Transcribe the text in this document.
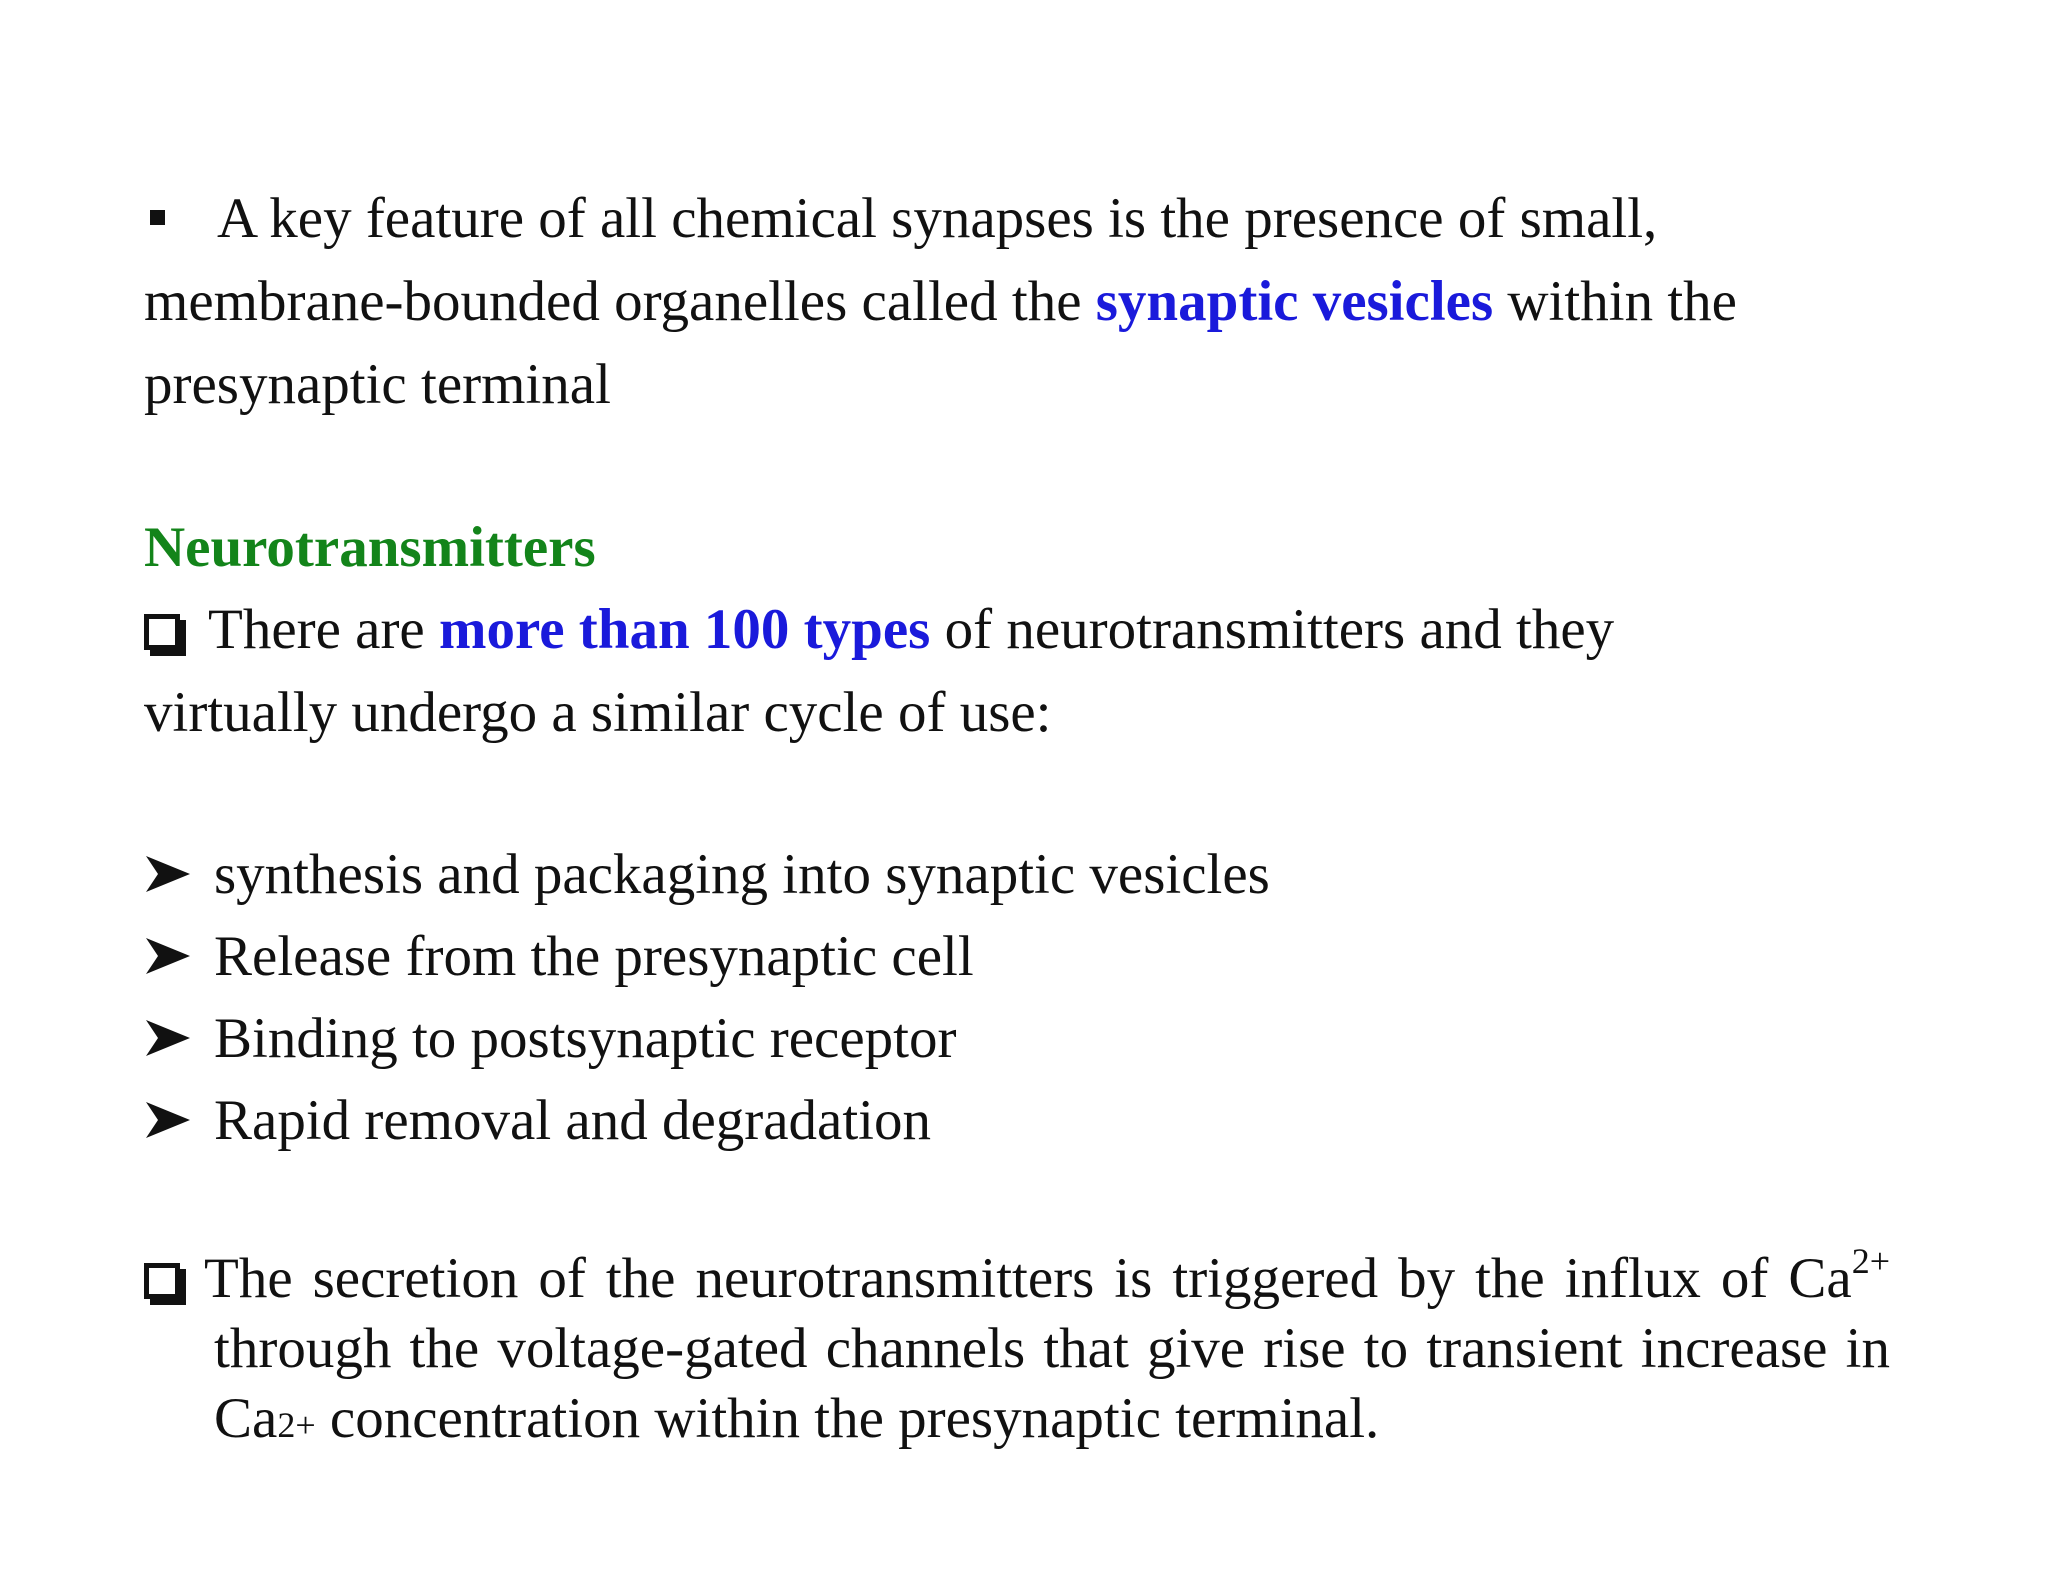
A key feature of all chemical synapses is the presence of small,
membrane-bounded organelles called the synaptic vesicles within the
presynaptic terminal
Neurotransmitters
There are more than 100 types of neurotransmitters and they
virtually undergo a similar cycle of use:
synthesis and packaging into synaptic vesicles
Release from the presynaptic cell
Binding to postsynaptic receptor
Rapid removal and degradation
The secretion of the neurotransmitters is triggered by the influx of $Ca^{2+}$
through the voltage-gated channels that give rise to transient increase in
Ca 2+ concentration within the presynaptic terminal.
